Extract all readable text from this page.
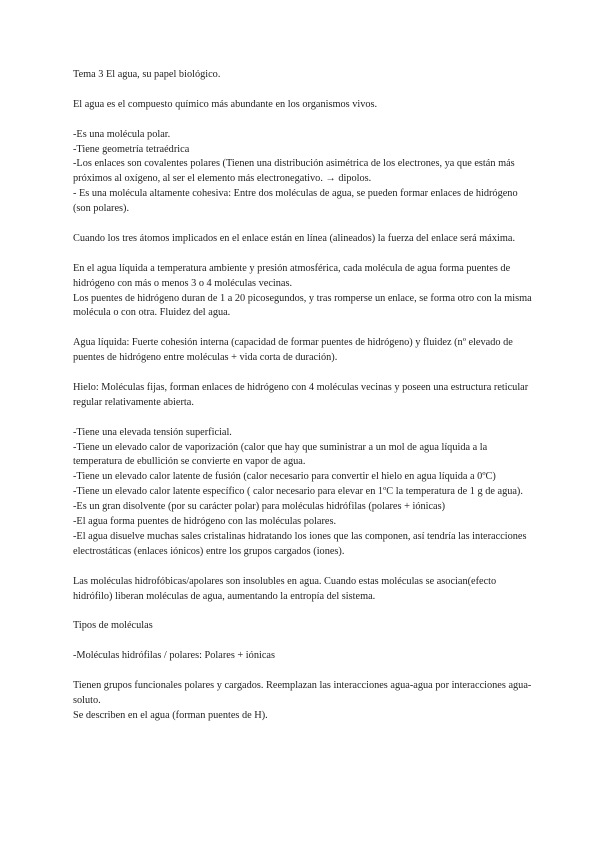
Tema 3 El agua, su papel biológico.

El agua es el compuesto químico más abundante en los organismos vivos.

-Es una molécula polar.

-Tiene geometría tetraédrica

-Los enlaces son covalentes polares (Tienen una distribución asimétrica de los electrones, ya que están más próximos al oxígeno, al ser el elemento más electronegativo. → dipolos.

- Es una molécula altamente cohesiva: Entre dos moléculas de agua, se pueden formar enlaces de hidrógeno (son polares).

Cuando los tres átomos implicados en el enlace están en línea (alineados) la fuerza del enlace será máxima.

En el agua líquida a temperatura ambiente y presión atmosférica, cada molécula de agua forma puentes de hidrógeno con más o menos 3 o 4 moléculas vecinas.

Los puentes de hidrógeno duran de 1 a 20 picosegundos, y tras romperse un enlace, se forma otro con la misma molécula o con otra. Fluidez del agua.

Agua líquida: Fuerte cohesión interna (capacidad de formar puentes de hidrógeno) y fluidez (nº elevado de puentes de hidrógeno entre moléculas + vida corta de duración).

Hielo: Moléculas fijas, forman enlaces de hidrógeno con 4 moléculas vecinas y poseen una estructura reticular regular relativamente abierta.

-Tiene una elevada tensión superficial.

-Tiene un elevado calor de vaporización (calor que hay que suministrar a un mol de agua líquida a la temperatura de ebullición se convierte en vapor de agua.

-Tiene un elevado calor latente de fusión (calor necesario para convertir el hielo en agua líquida a 0ºC)

-Tiene un elevado calor latente específico ( calor necesario para elevar en 1ºC la temperatura de 1 g de agua).

-Es un gran disolvente (por su carácter polar) para moléculas hidrófilas (polares + iónicas)

-El agua forma puentes de hidrógeno con las moléculas polares.

-El agua disuelve muchas sales cristalinas hidratando los iones que las componen, así tendría las interacciones electrostáticas (enlaces iónicos) entre los grupos cargados (iones).

Las moléculas hidrofóbicas/apolares son insolubles en agua. Cuando estas moléculas se asocian(efecto hidrófilo) liberan moléculas de agua, aumentando la entropía del sistema.

Tipos de moléculas

-Moléculas hidrófilas / polares: Polares + iónicas

Tienen grupos funcionales polares y cargados. Reemplazan las interacciones agua-agua por interacciones agua-soluto.

Se describen en el agua (forman puentes de H).
